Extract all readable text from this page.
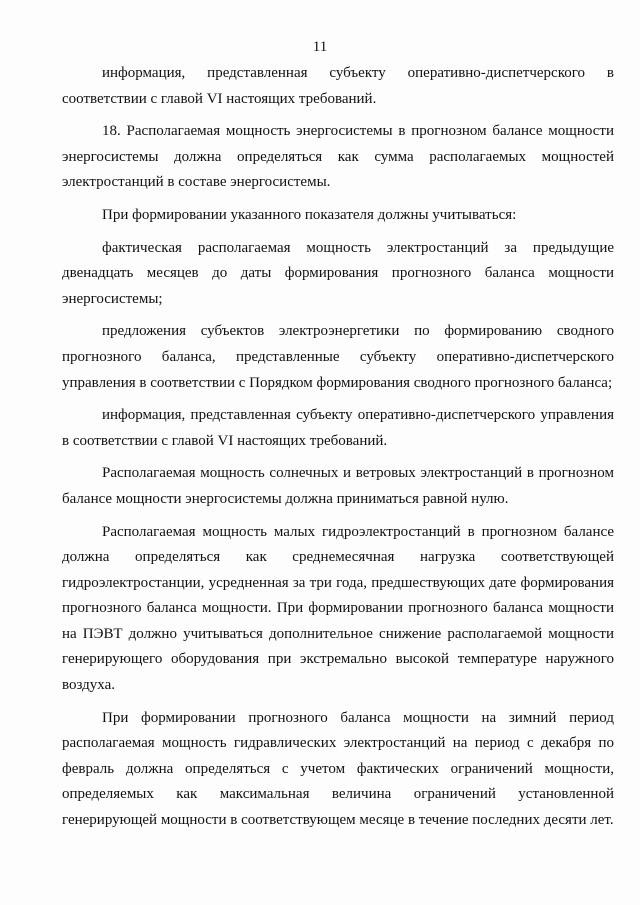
11

информация, представленная субъекту оперативно-диспетчерского в соответствии с главой VI настоящих требований.

18. Располагаемая мощность энергосистемы в прогнозном балансе мощности энергосистемы должна определяться как сумма располагаемых мощностей электростанций в составе энергосистемы.

При формировании указанного показателя должны учитываться:

фактическая располагаемая мощность электростанций за предыдущие двенадцать месяцев до даты формирования прогнозного баланса мощности энергосистемы;

предложения субъектов электроэнергетики по формированию сводного прогнозного баланса, представленные субъекту оперативно-диспетчерского управления в соответствии с Порядком формирования сводного прогнозного баланса;

информация, представленная субъекту оперативно-диспетчерского управления в соответствии с главой VI настоящих требований.

Располагаемая мощность солнечных и ветровых электростанций в прогнозном балансе мощности энергосистемы должна приниматься равной нулю.

Располагаемая мощность малых гидроэлектростанций в прогнозном балансе должна определяться как среднемесячная нагрузка соответствующей гидроэлектростанции, усредненная за три года, предшествующих дате формирования прогнозного баланса мощности. При формировании прогнозного баланса мощности на ПЭВТ должно учитываться дополнительное снижение располагаемой мощности генерирующего оборудования при экстремально высокой температуре наружного воздуха.

При формировании прогнозного баланса мощности на зимний период располагаемая мощность гидравлических электростанций на период с декабря по февраль должна определяться с учетом фактических ограничений мощности, определяемых как максимальная величина ограничений установленной генерирующей мощности в соответствующем месяце в течение последних десяти лет.
